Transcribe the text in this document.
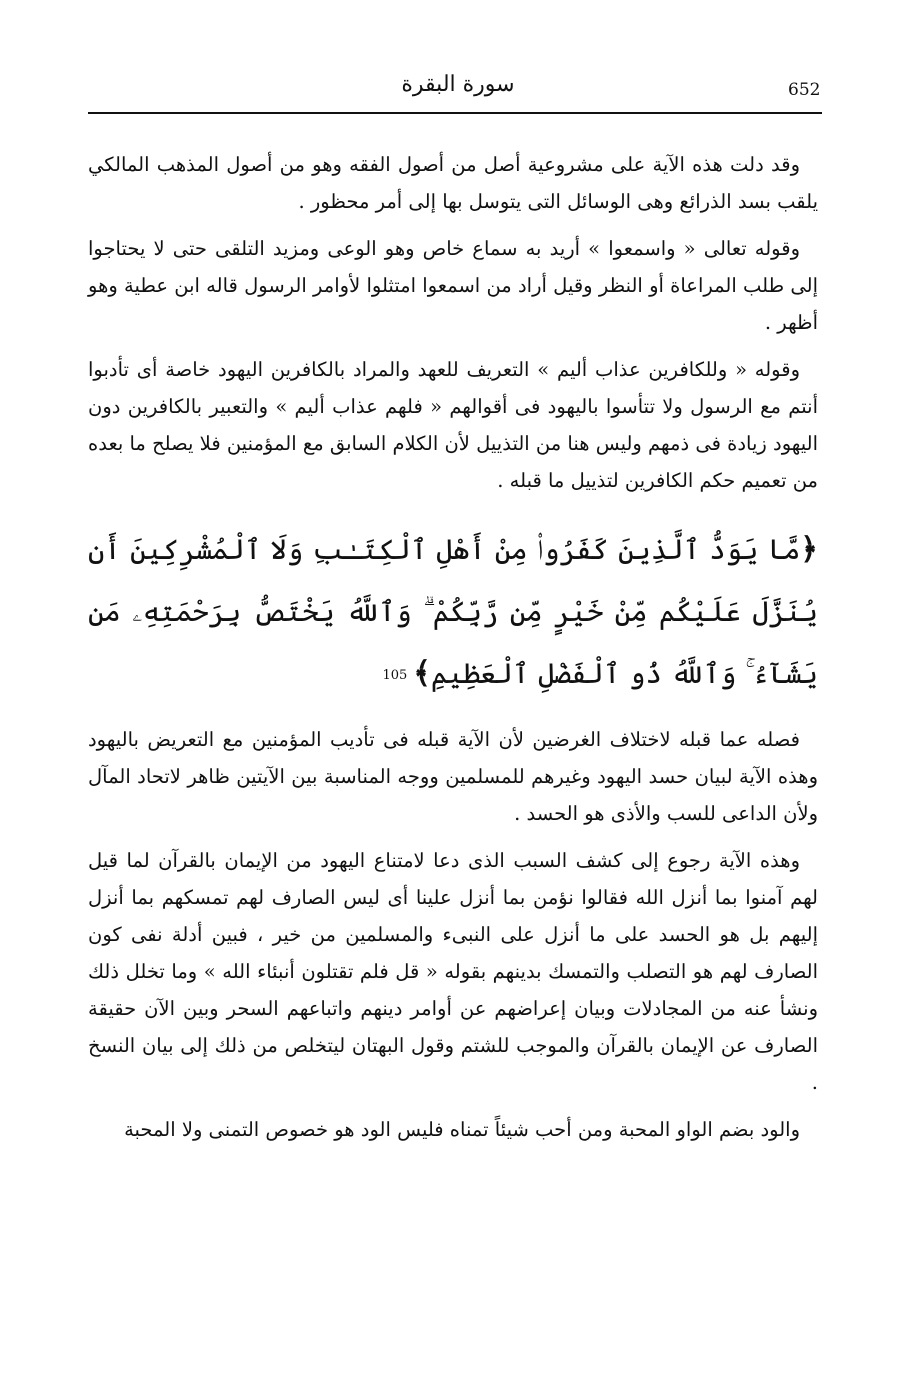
652
سورة البقرة

وقد دلت هذه الآية على مشروعية أصل من أصول الفقه وهو من أصول المذهب المالكي يلقب بسد الذرائع وهى الوسائل التى يتوسل بها إلى أمر محظور .

وقوله تعالى « واسمعوا » أريد به سماع خاص وهو الوعى ومزيد التلقى حتى لا يحتاجوا إلى طلب المراعاة أو النظر وقيل أراد من اسمعوا امتثلوا لأوامر الرسول قاله ابن عطية وهو أظهر .

وقوله « وللكافرين عذاب أليم » التعريف للعهد والمراد بالكافرين اليهود خاصة أى تأدبوا أنتم مع الرسول ولا تتأسوا باليهود فى أقوالهم « فلهم عذاب أليم » والتعبير بالكافرين دون اليهود زيادة فى ذمهم وليس هنا من التذييل لأن الكلام السابق مع المؤمنين فلا يصلح ما بعده من تعميم حكم الكافرين لتذييل ما قبله .

﴿مَّا يَوَدُّ ٱلَّذِينَ كَفَرُوا۟ مِنْ أَهْلِ ٱلْكِتَـٰبِ وَلَا ٱلْمُشْرِكِينَ أَن يُنَزَّلَ عَلَيْكُم مِّنْ خَيْرٍ مِّن رَّبِّكُمْ ۗ وَٱللَّهُ يَخْتَصُّ بِرَحْمَتِهِۦ مَن يَشَآءُ ۚ وَٱللَّهُ ذُو ٱلْفَضْلِ ٱلْعَظِيمِ﴾105

فصله عما قبله لاختلاف الغرضين لأن الآية قبله فى تأديب المؤمنين مع التعريض باليهود وهذه الآية لبيان حسد اليهود وغيرهم للمسلمين ووجه المناسبة بين الآيتين ظاهر لاتحاد المآل ولأن الداعى للسب والأذى هو الحسد .

وهذه الآية رجوع إلى كشف السبب الذى دعا لامتناع اليهود من الإيمان بالقرآن لما قيل لهم آمنوا بما أنزل الله فقالوا نؤمن بما أنزل علينا أى ليس الصارف لهم تمسكهم بما أنزل إليهم بل هو الحسد على ما أنزل على النبىء والمسلمين من خير ، فبين أدلة نفى كون الصارف لهم هو التصلب والتمسك بدينهم بقوله « قل فلم تقتلون أنبئاء الله » وما تخلل ذلك ونشأ عنه من المجادلات وبيان إعراضهم عن أوامر دينهم واتباعهم السحر وبين الآن حقيقة الصارف عن الإيمان بالقرآن والموجب للشتم وقول البهتان ليتخلص من ذلك إلى بيان النسخ .

والود بضم الواو المحبة ومن أحب شيئاً تمناه فليس الود هو خصوص التمنى ولا المحبة
